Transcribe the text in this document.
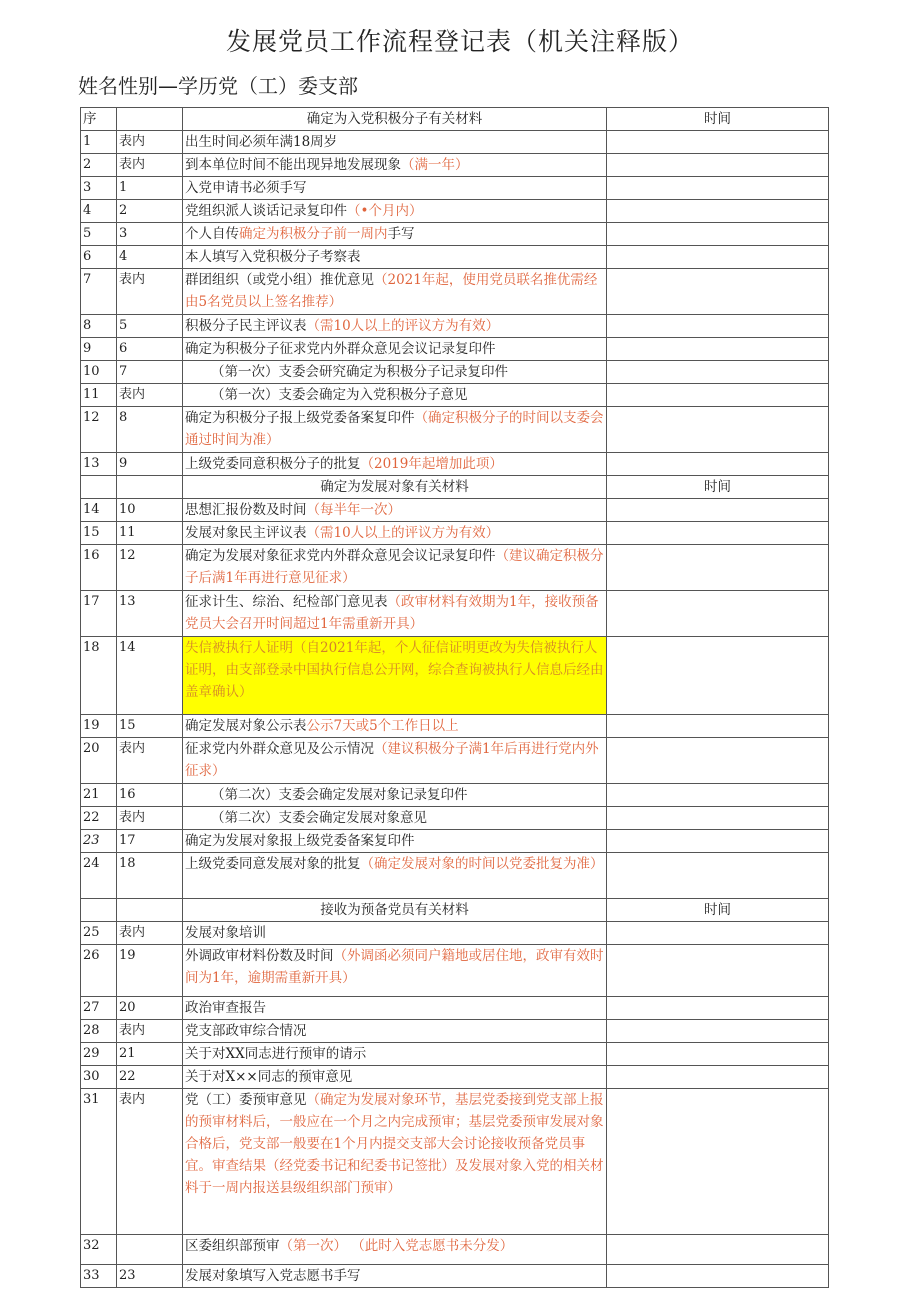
发展党员工作流程登记表（机关注释版）
姓名性别—学历党（工）委支部
序		确定为入党积极分子有关材料	时间
1	表内	出生时间必须年满18周岁	
2	表内	到本单位时间不能出现异地发展现象（满一年）	
3	1	入党申请书必须手写	
4	2	党组织派人谈话记录复印件（•个月内）	
5	3	个人自传确定为积极分子前一周内手写	
6	4	本人填写入党积极分子考察表	
7	表内	群团组织（或党小组）推优意见（2021年起，使用党员联名推优需经由5名党员以上签名推荐）	
8	5	积极分子民主评议表（需10人以上的评议方为有效）	
9	6	确定为积极分子征求党内外群众意见会议记录复印件	
10	7	（第一次）支委会研究确定为积极分子记录复印件	
11	表内	（第一次）支委会确定为入党积极分子意见	
12	8	确定为积极分子报上级党委备案复印件（确定积极分子的时间以支委会通过时间为准）	
13	9	上级党委同意积极分子的批复（2019年起增加此项）	
		确定为发展对象有关材料	时间
14	10	思想汇报份数及时间（每半年一次）	
15	11	发展对象民主评议表（需10人以上的评议方为有效）	
16	12	确定为发展对象征求党内外群众意见会议记录复印件（建议确定积极分子后满1年再进行意见征求）	
17	13	征求计生、综治、纪检部门意见表（政审材料有效期为1年，接收预备党员大会召开时间超过1年需重新开具）	
18	14	失信被执行人证明（自2021年起，个人征信证明更改为失信被执行人证明，由支部登录中国执行信息公开网，综合查询被执行人信息后经由盖章确认）	
19	15	确定发展对象公示表公示7天或5个工作日以上	
20	表内	征求党内外群众意见及公示情况（建议积极分子满1年后再进行党内外征求）	
21	16	（第二次）支委会确定发展对象记录复印件	
22	表内	（第二次）支委会确定发展对象意见	
23	17	确定为发展对象报上级党委备案复印件	
24	18	上级党委同意发展对象的批复（确定发展对象的时间以党委批复为准）	
		接收为预备党员有关材料	时间
25	表内	发展对象培训	
26	19	外调政审材料份数及时间（外调函必须同户籍地或居住地，政审有效时间为1年，逾期需重新开具）	
27	20	政治审查报告	
28	表内	党支部政审综合情况	
29	21	关于对XX同志进行预审的请示	
30	22	关于对X××同志的预审意见	
31	表内	党（工）委预审意见（确定为发展对象环节，基层党委接到党支部上报的预审材料后，一般应在一个月之内完成预审；基层党委预审发展对象合格后，党支部一般要在1个月内提交支部大会讨论接收预备党员事宜。审查结果（经党委书记和纪委书记签批）及发展对象入党的相关材料于一周内报送县级组织部门预审）	
32		区委组织部预审（第一次） （此时入党志愿书未分发）	
33	23	发展对象填写入党志愿书手写	
